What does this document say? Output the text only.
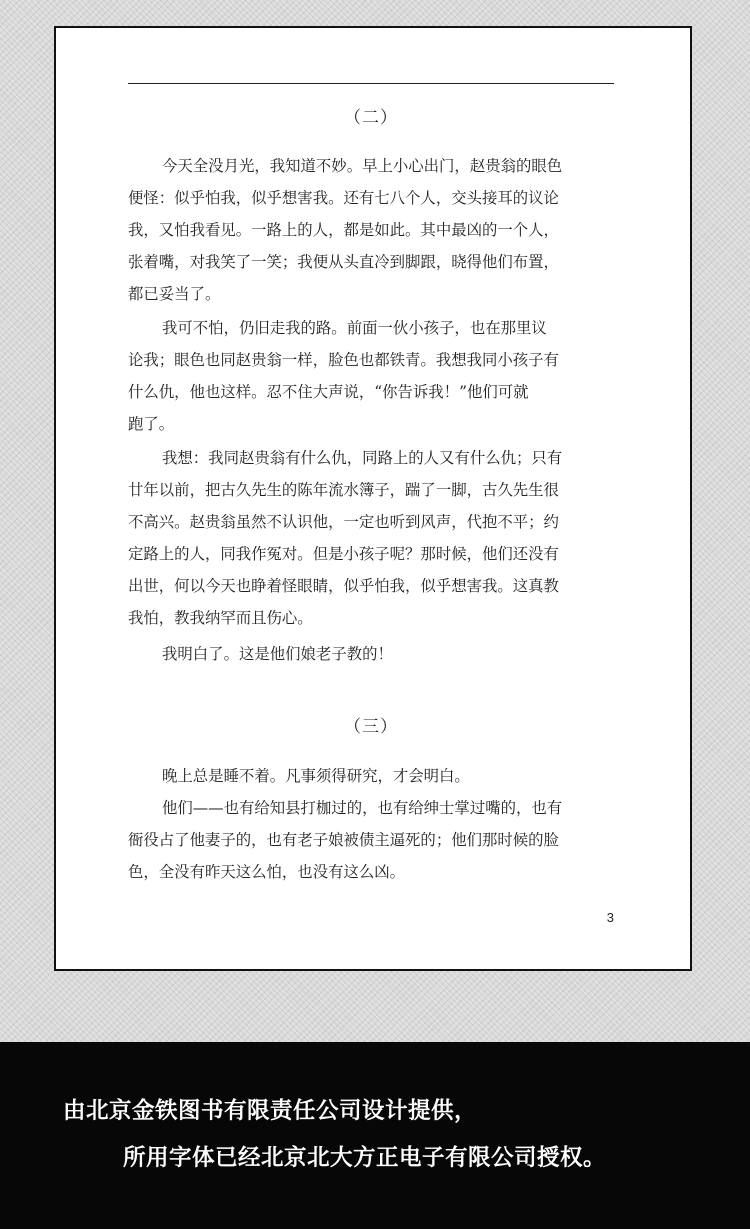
（二）
今天全没月光，我知道不妙。早上小心出门，赵贵翁的眼色
便怪：似乎怕我，似乎想害我。还有七八个人，交头接耳的议论
我，又怕我看见。一路上的人，都是如此。其中最凶的一个人，
张着嘴，对我笑了一笑；我便从头直冷到脚跟，晓得他们布置，
都已妥当了。
我可不怕，仍旧走我的路。前面一伙小孩子，也在那里议
论我；眼色也同赵贵翁一样，脸色也都铁青。我想我同小孩子有
什么仇，他也这样。忍不住大声说，“你告诉我！”他们可就
跑了。
我想：我同赵贵翁有什么仇，同路上的人又有什么仇；只有
廿年以前，把古久先生的陈年流水簿子，踹了一脚，古久先生很
不高兴。赵贵翁虽然不认识他，一定也听到风声，代抱不平；约
定路上的人，同我作冤对。但是小孩子呢？那时候，他们还没有
出世，何以今天也睁着怪眼睛，似乎怕我，似乎想害我。这真教
我怕，教我纳罕而且伤心。
我明白了。这是他们娘老子教的！
（三）
晚上总是睡不着。凡事须得研究，才会明白。
他们——也有给知县打枷过的，也有给绅士掌过嘴的，也有
衙役占了他妻子的，也有老子娘被债主逼死的；他们那时候的脸
色，全没有昨天这么怕，也没有这么凶。
3
由北京金铁图书有限责任公司设计提供，
所用字体已经北京北大方正电子有限公司授权。
